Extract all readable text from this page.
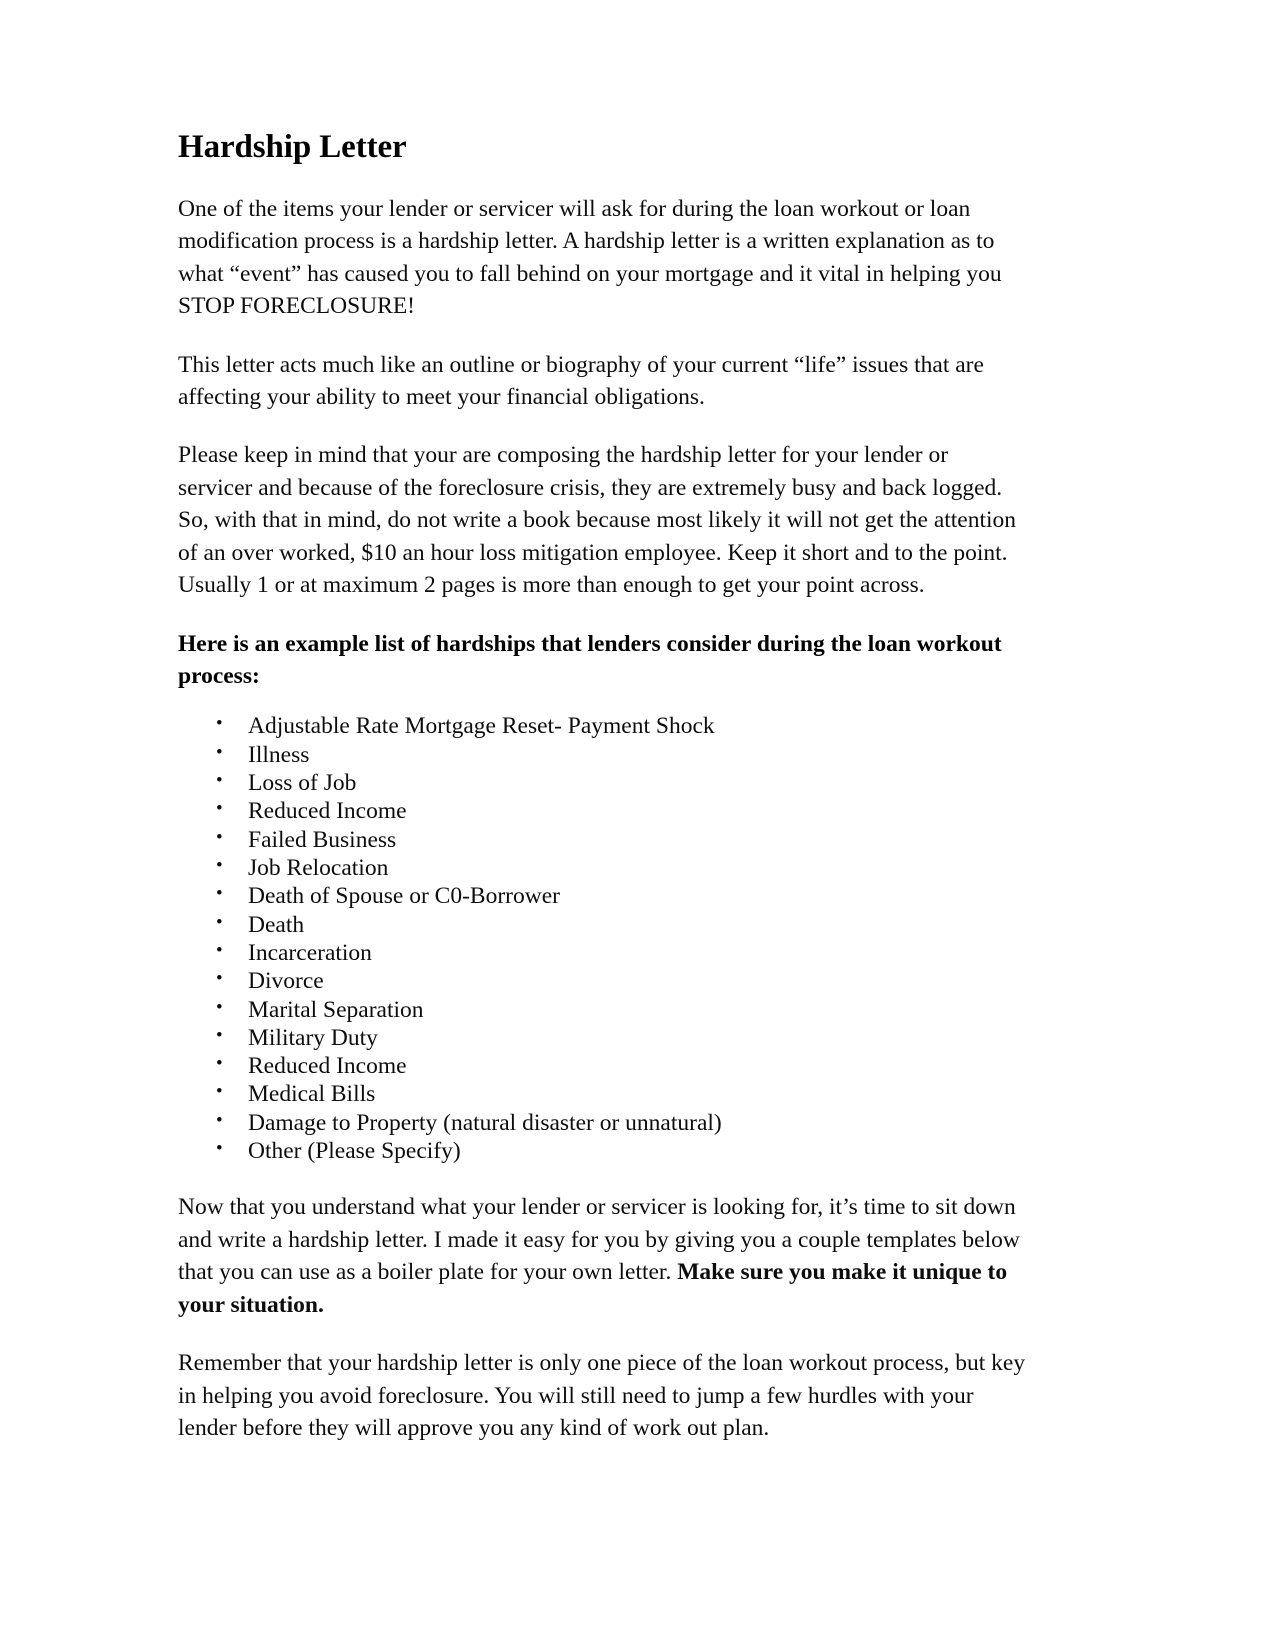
Hardship Letter

One of the items your lender or servicer will ask for during the loan workout or loan modification process is a hardship letter. A hardship letter is a written explanation as to what “event” has caused you to fall behind on your mortgage and it vital in helping you STOP FORECLOSURE!

This letter acts much like an outline or biography of your current “life” issues that are affecting your ability to meet your financial obligations.

Please keep in mind that your are composing the hardship letter for your lender or servicer and because of the foreclosure crisis, they are extremely busy and back logged. So, with that in mind, do not write a book because most likely it will not get the attention of an over worked, $10 an hour loss mitigation employee. Keep it short and to the point. Usually 1 or at maximum 2 pages is more than enough to get your point across.

Here is an example list of hardships that lenders consider during the loan workout process:

• Adjustable Rate Mortgage Reset- Payment Shock
• Illness
• Loss of Job
• Reduced Income
• Failed Business
• Job Relocation
• Death of Spouse or C0-Borrower
• Death
• Incarceration
• Divorce
• Marital Separation
• Military Duty
• Reduced Income
• Medical Bills
• Damage to Property (natural disaster or unnatural)
• Other (Please Specify)

Now that you understand what your lender or servicer is looking for, it’s time to sit down and write a hardship letter. I made it easy for you by giving you a couple templates below that you can use as a boiler plate for your own letter. Make sure you make it unique to your situation.

Remember that your hardship letter is only one piece of the loan workout process, but key in helping you avoid foreclosure. You will still need to jump a few hurdles with your lender before they will approve you any kind of work out plan.
